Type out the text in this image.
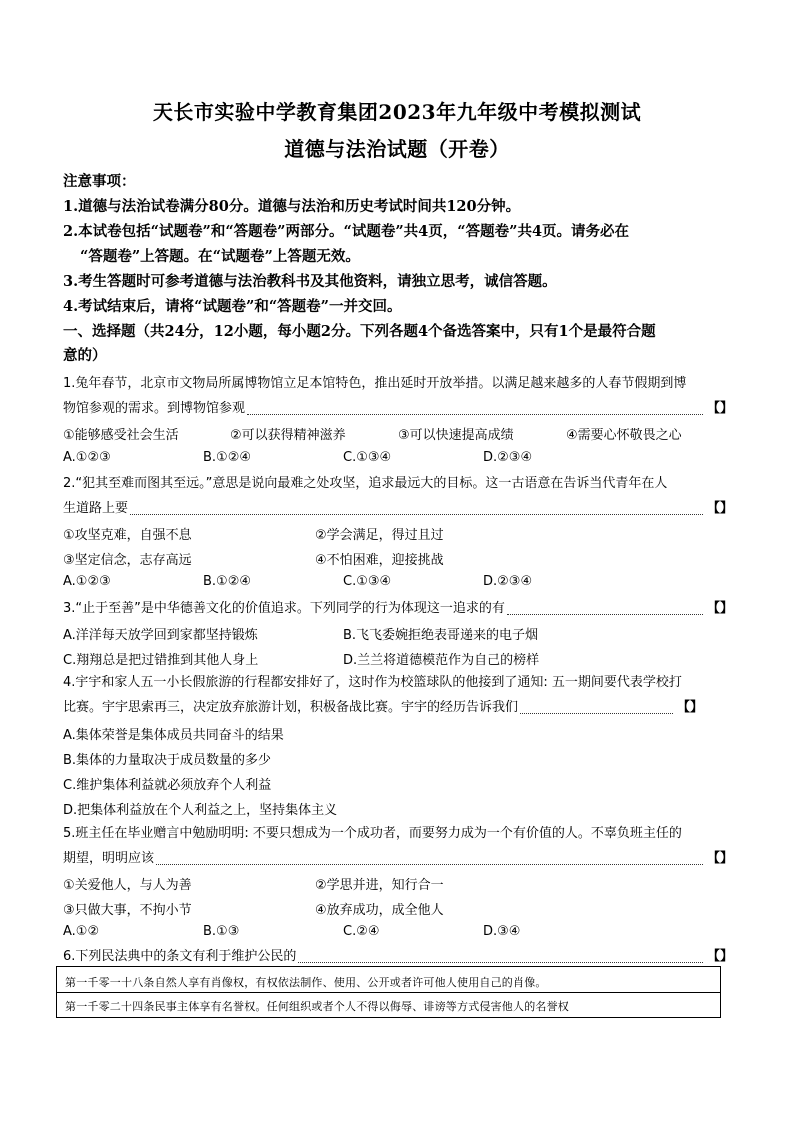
天长市实验中学教育集团2023年九年级中考模拟测试
道德与法治试题（开卷）
注意事项：
1.道德与法治试卷满分80分。道德与法治和历史考试时间共120分钟。
2.本试卷包括“试题卷”和“答题卷”两部分。“试题卷”共4页，“答题卷”共4页。请务必在
“答题卷”上答题。在“试题卷”上答题无效。
3.考生答题时可参考道德与法治教科书及其他资料，请独立思考，诚信答题。
4.考试结束后，请将“试题卷”和“答题卷”一并交回。
一、选择题（共24分，12小题，每小题2分。下列各题4个备选答案中，只有1个是最符合题
意的）
1.兔年春节，北京市文物局所属博物馆立足本馆特色，推出延时开放举措。以满足越来越多的人春节假期到博
物馆参观的需求。到博物馆参观	【】
①能够感受社会生活	②可以获得精神滋养	③可以快速提高成绩	④需要心怀敬畏之心
A.①②③	B.①②④	C.①③④	D.②③④
2.“犯其至难而图其至远。”意思是说向最难之处攻坚，追求最远大的目标。这一古语意在告诉当代青年在人
生道路上要	【】
①攻坚克难，自强不息	②学会满足，得过且过
③坚定信念，志存高远	④不怕困难，迎接挑战
A.①②③	B.①②④	C.①③④	D.②③④
3.“止于至善”是中华德善文化的价值追求。下列同学的行为体现这一追求的有	【】
A.洋洋每天放学回到家都坚持锻炼	B.飞飞委婉拒绝表哥递来的电子烟
C.翔翔总是把过错推到其他人身上	D.兰兰将道德模范作为自己的榜样
4.宇宇和家人五一小长假旅游的行程都安排好了，这时作为校篮球队的他接到了通知: 五一期间要代表学校打
比赛。宇宇思索再三，决定放弃旅游计划，积极备战比赛。宇宇的经历告诉我们	【】
A.集体荣誉是集体成员共同奋斗的结果
B.集体的力量取决于成员数量的多少
C.维护集体利益就必须放弃个人利益
D.把集体利益放在个人利益之上，坚持集体主义
5.班主任在毕业赠言中勉励明明: 不要只想成为一个成功者，而要努力成为一个有价值的人。不辜负班主任的
期望，明明应该	【】
①关爱他人，与人为善	②学思并进，知行合一
③只做大事，不拘小节	④放弃成功，成全他人
A.①②	B.①③	C.②④	D.③④
6.下列民法典中的条文有利于维护公民的	【】
第一千零一十八条自然人享有肖像权，有权依法制作、使用、公开或者许可他人使用自己的肖像。
第一千零二十四条民事主体享有名誉权。任何组织或者个人不得以侮辱、诽谤等方式侵害他人的名誉权
